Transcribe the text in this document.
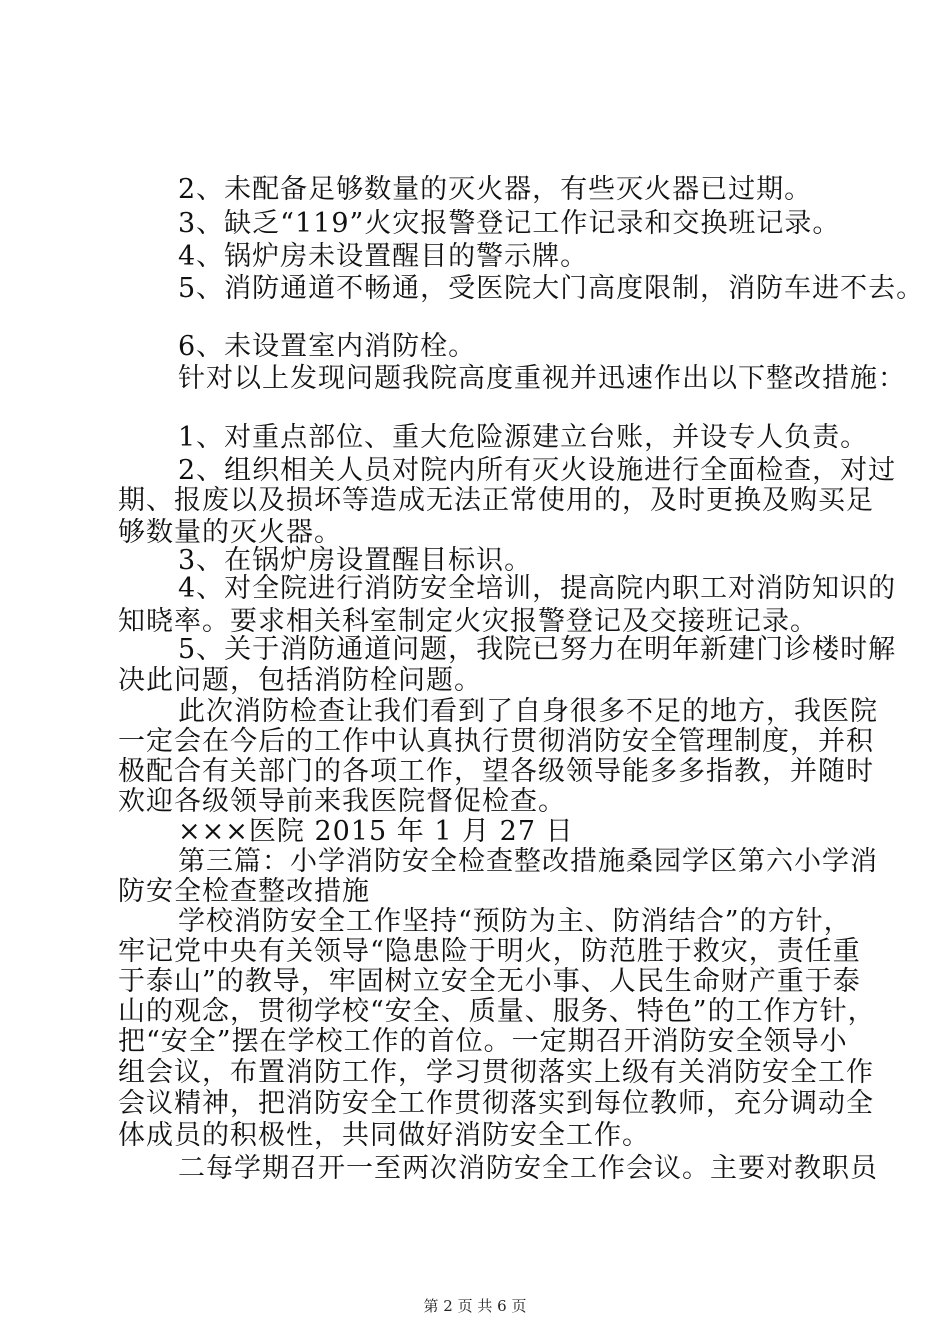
2、未配备足够数量的灭火器，有些灭火器已过期。
3、缺乏“119”火灾报警登记工作记录和交换班记录。
4、锅炉房未设置醒目的警示牌。
5、消防通道不畅通，受医院大门高度限制，消防车进不去。
6、未设置室内消防栓。
针对以上发现问题我院高度重视并迅速作出以下整改措施：
1、对重点部位、重大危险源建立台账，并设专人负责。
2、组织相关人员对院内所有灭火设施进行全面检查，对过
期、报废以及损坏等造成无法正常使用的，及时更换及购买足
够数量的灭火器。
3、在锅炉房设置醒目标识。
4、对全院进行消防安全培训，提高院内职工对消防知识的
知晓率。要求相关科室制定火灾报警登记及交接班记录。
5、关于消防通道问题，我院已努力在明年新建门诊楼时解
决此问题，包括消防栓问题。
此次消防检查让我们看到了自身很多不足的地方，我医院
一定会在今后的工作中认真执行贯彻消防安全管理制度，并积
极配合有关部门的各项工作，望各级领导能多多指教，并随时
欢迎各级领导前来我医院督促检查。
×××医院 2015 年 1 月 27 日
第三篇：小学消防安全检查整改措施桑园学区第六小学消
防安全检查整改措施
学校消防安全工作坚持“预防为主、防消结合”的方针，
牢记党中央有关领导“隐患险于明火，防范胜于救灾，责任重
于泰山”的教导，牢固树立安全无小事、人民生命财产重于泰
山的观念，贯彻学校“安全、质量、服务、特色”的工作方针，
把“安全”摆在学校工作的首位。一定期召开消防安全领导小
组会议，布置消防工作，学习贯彻落实上级有关消防安全工作
会议精神，把消防安全工作贯彻落实到每位教师，充分调动全
体成员的积极性，共同做好消防安全工作。
二每学期召开一至两次消防安全工作会议。主要对教职员
第 2 页 共 6 页
